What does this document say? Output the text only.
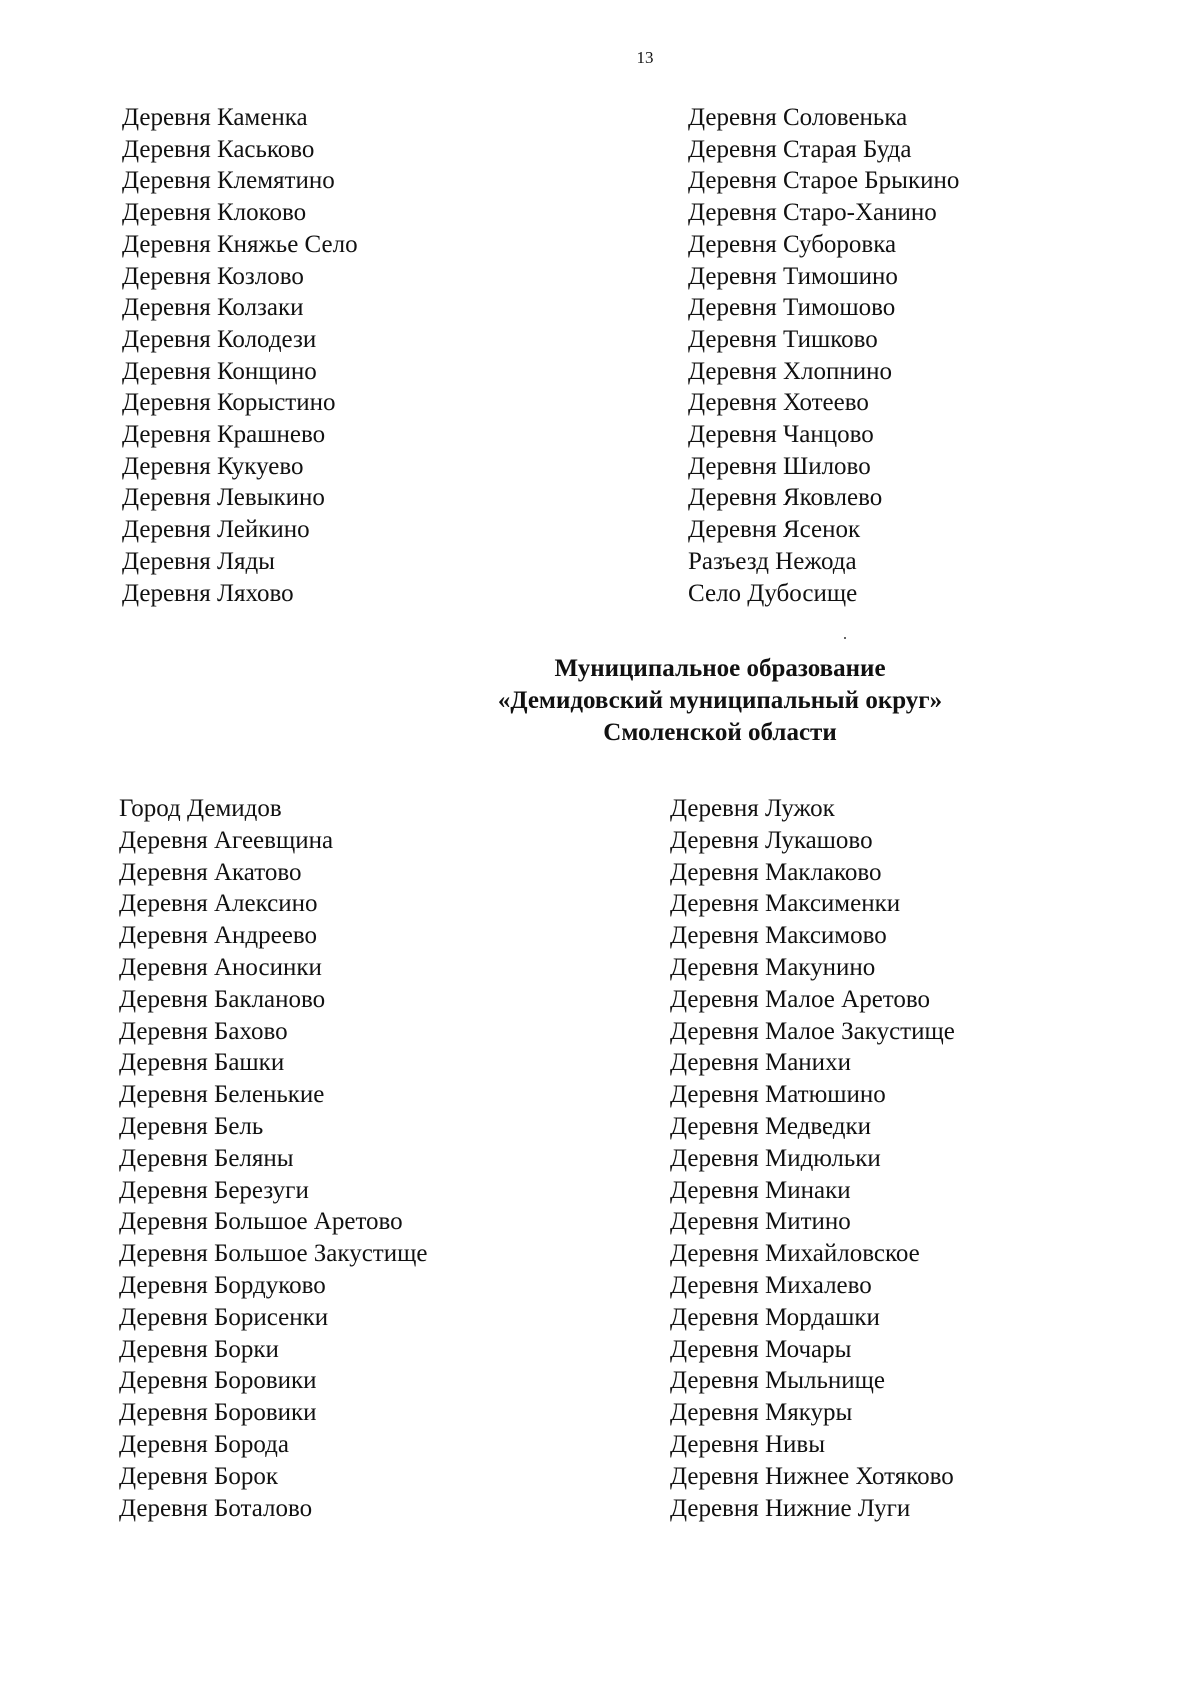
13
Деревня Каменка
Деревня Каськово
Деревня Клемятино
Деревня Клоково
Деревня Княжье Село
Деревня Козлово
Деревня Колзаки
Деревня Колодези
Деревня Конщино
Деревня Корыстино
Деревня Крашнево
Деревня Кукуево
Деревня Левыкино
Деревня Лейкино
Деревня Ляды
Деревня Ляхово
Деревня Соловенька
Деревня Старая Буда
Деревня Старое Брыкино
Деревня Старо-Ханино
Деревня Суборовка
Деревня Тимошино
Деревня Тимошово
Деревня Тишково
Деревня Хлопнино
Деревня Хотеево
Деревня Чанцово
Деревня Шилово
Деревня Яковлево
Деревня Ясенок
Разъезд Нежода
Село Дубосище
Муниципальное образование
«Демидовский муниципальный округ»
Смоленской области
Город Демидов
Деревня Агеевщина
Деревня Акатово
Деревня Алексино
Деревня Андреево
Деревня Аносинки
Деревня Бакланово
Деревня Бахово
Деревня Башки
Деревня Беленькие
Деревня Бель
Деревня Беляны
Деревня Березуги
Деревня Большое Аретово
Деревня Большое Закустище
Деревня Бордуково
Деревня Борисенки
Деревня Борки
Деревня Боровики
Деревня Боровики
Деревня Борода
Деревня Борок
Деревня Боталово
Деревня Лужок
Деревня Лукашово
Деревня Маклаково
Деревня Максименки
Деревня Максимово
Деревня Макунино
Деревня Малое Аретово
Деревня Малое Закустище
Деревня Манихи
Деревня Матюшино
Деревня Медведки
Деревня Мидюльки
Деревня Минаки
Деревня Митино
Деревня Михайловское
Деревня Михалево
Деревня Мордашки
Деревня Мочары
Деревня Мыльнище
Деревня Мякуры
Деревня Нивы
Деревня Нижнее Хотяково
Деревня Нижние Луги
